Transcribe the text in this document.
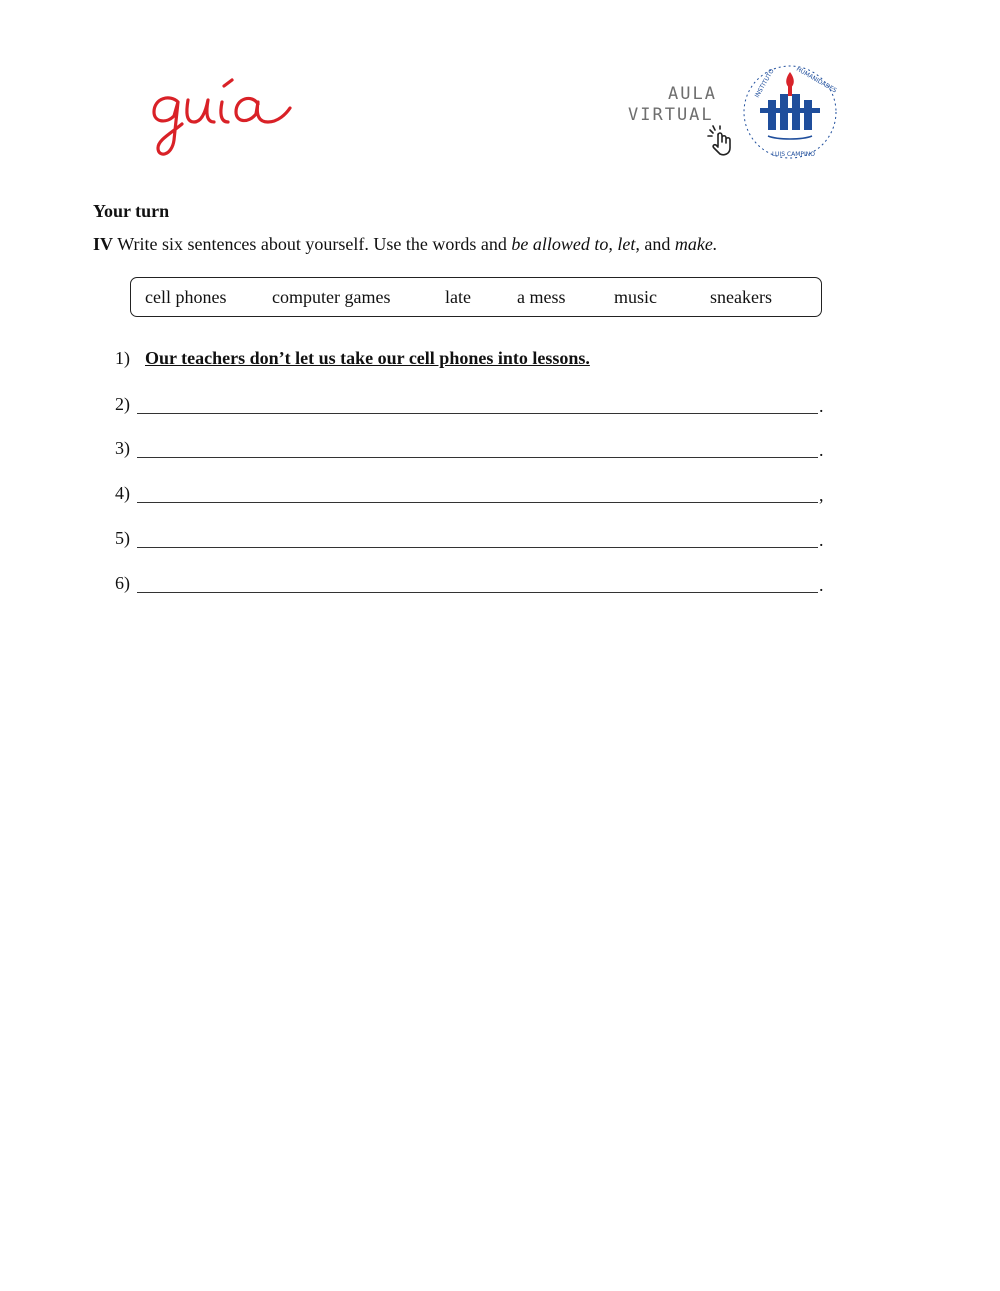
AULA
VIRTUAL
INSTITUTO	HUMANIDADES
LUIS CAMPINO
Your turn
IV Write six sentences about yourself. Use the words and be allowed to, let, and make.
cell phones	computer games	late	a mess	music	sneakers
1) Our teachers don’t let us take our cell phones into lessons.
2)	.
3)	.
4)	,
5)	.
6)	.
